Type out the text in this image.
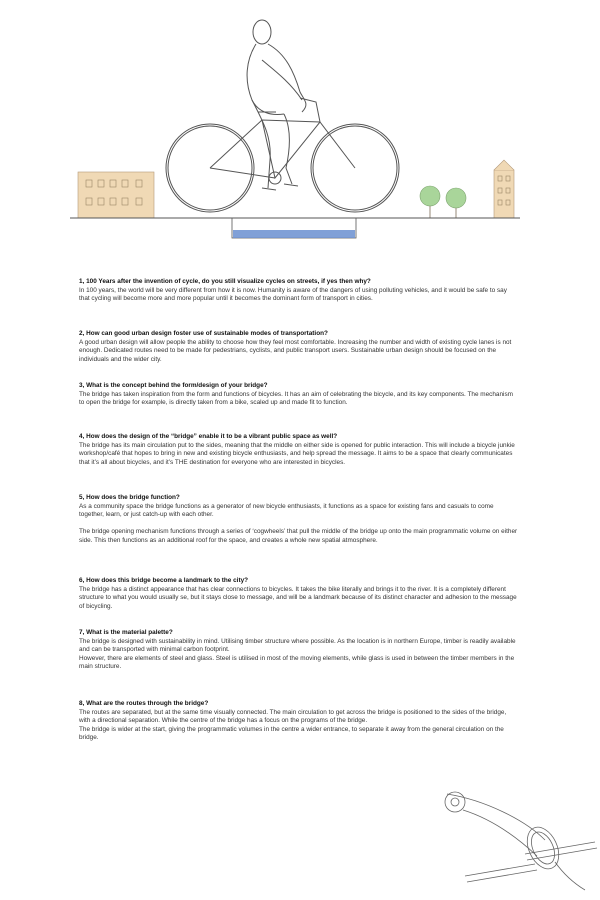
1, 100 Years after the invention of cycle, do you still visualize cycles on streets, if yes then why?

In 100 years, the world will be very different from how it is now. Humanity is aware of the dangers of using polluting vehicles, and it would be safe to say that cycling will become more and more popular until it becomes the dominant form of transport in cities.

2, How can good urban design foster use of sustainable modes of transportation?

A good urban design will allow people the ability to choose how they feel most comfortable. Increasing the number and width of existing cycle lanes is not enough. Dedicated routes need to be made for pedestrians, cyclists, and public transport users. Sustainable urban design should be focused on the individuals and the wider city.

3, What is the concept behind the form/design of your bridge?

The bridge has taken inspiration from the form and functions of bicycles. It has an aim of celebrating the bicycle, and its key components. The mechanism to open the bridge for example, is directly taken from a bike, scaled up and made fit to function.

4, How does the design of the “bridge” enable it to be a vibrant public space as well?

The bridge has its main circulation put to the sides, meaning that the middle on either side is opened for public interaction. This will include a bicycle junkie workshop/café that hopes to bring in new and existing bicycle enthusiasts, and help spread the message. It aims to be a space that clearly communicates that it’s all about bicycles, and it’s THE destination for everyone who are interested in bicycles.

5, How does the bridge function?

As a community space the bridge functions as a generator of new bicycle enthusiasts, it functions as a space for existing fans and casuals to come together, learn, or just catch-up with each other.

The bridge opening mechanism functions through a series of ‘cogwheels’ that pull the middle of the bridge up onto the main programmatic volume on either side. This then functions as an additional roof for the space, and creates a whole new spatial atmosphere.

6, How does this bridge become a landmark to the city?

The bridge has a distinct appearance that has clear connections to bicycles. It takes the bike literally and brings it to the river. It is a completely different structure to what you would usually se, but it stays close to message, and will be a landmark because of its distinct character and adhesion to the message of bicycling.

7, What is the material palette?

The bridge is designed with sustainability in mind. Utilising timber structure where possible. As the location is in northern Europe, timber is readily available and can be transported with minimal carbon footprint.

However, there are elements of steel and glass. Steel is utilised in most of the moving elements, while glass is used in between the timber members in the main structure.

8, What are the routes through the bridge?

The routes are separated, but at the same time visually connected. The main circulation to get across the bridge is positioned to the sides of the bridge, with a directional separation. While the centre of the bridge has a focus on the programs of the bridge.

The bridge is wider at the start, giving the programmatic volumes in the centre a wider entrance, to separate it away from the general circulation on the bridge.
